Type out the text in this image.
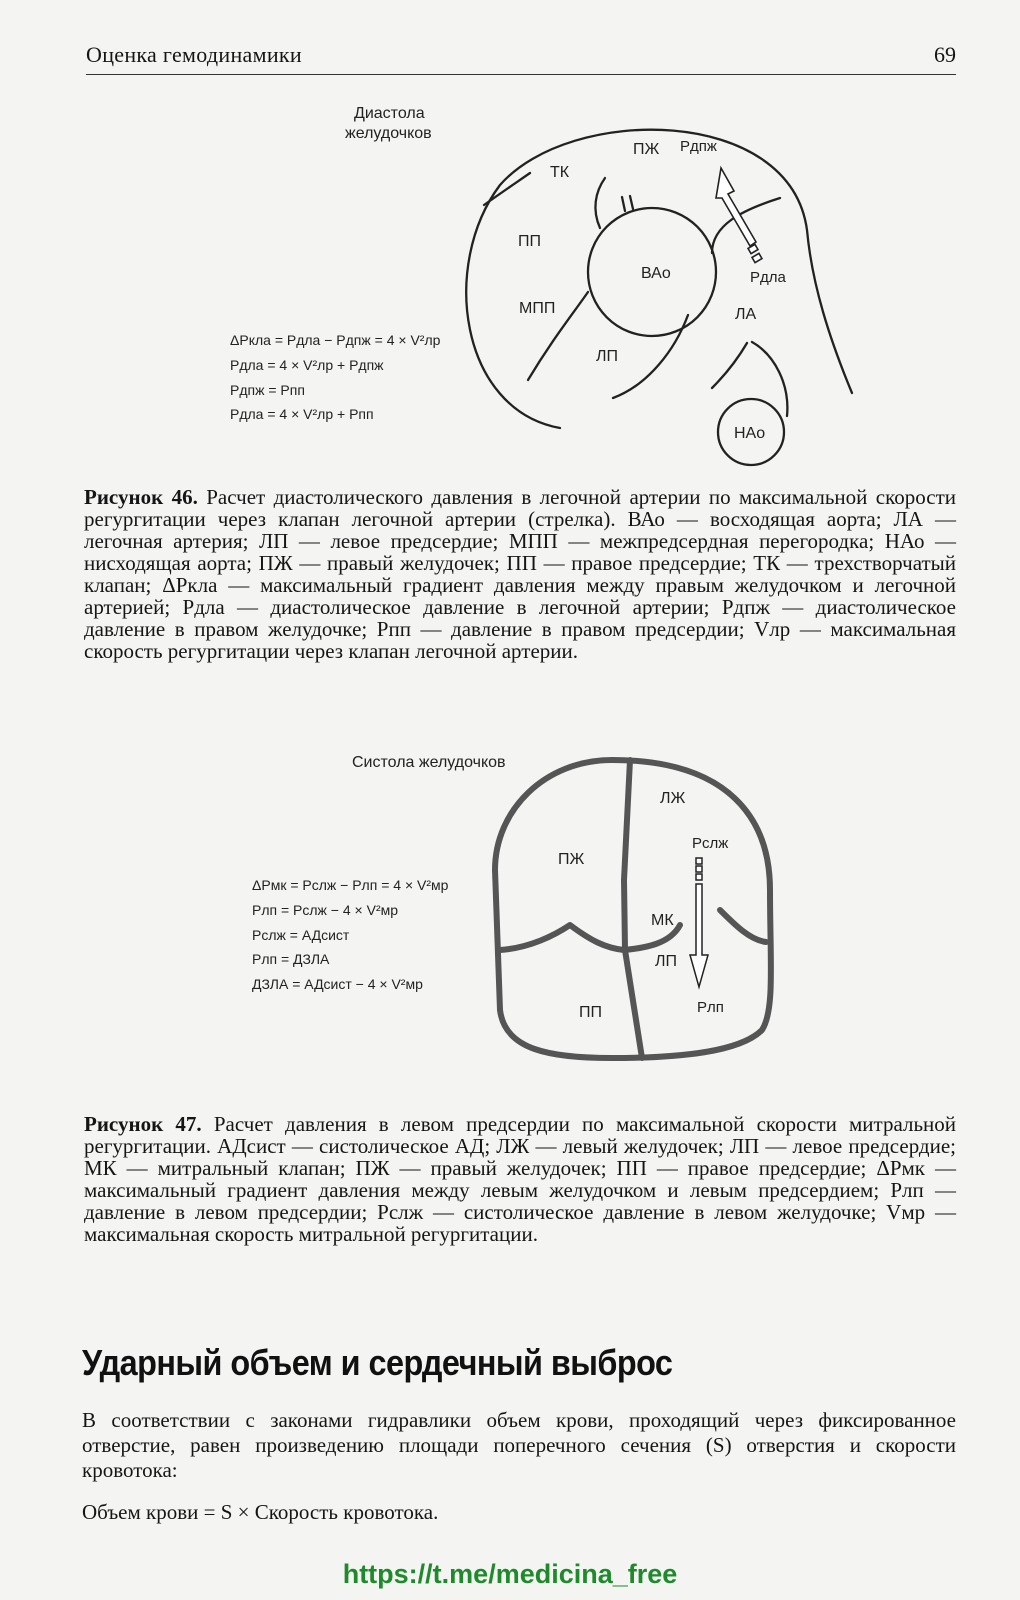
Оценка гемодинамики	69
Диастола
желудочков
ТК
ПЖ Pдпж
ПП
ВАо	Pдла
МПП	ЛА
ЛП
НАо
ΔPкла = Pдла − Pдпж = 4 × V²лр
Pдла = 4 × V²лр + Pдпж
Pдпж = Pпп
Pдла = 4 × V²лр + Pпп

Рисунок 46. Расчет диастолического давления в легочной артерии по максимальной скорости регургитации через клапан легочной артерии (стрелка). ВАо — восходящая аорта; ЛА — легочная артерия; ЛП — левое предсердие; МПП — межпредсердная перегородка; НАо — нисходящая аорта; ПЖ — правый желудочек; ПП — правое предсердие; ТК — трехстворчатый клапан; ΔPкла — максимальный градиент давления между правым желудочком и легочной артерией; Pдла — диастолическое давление в легочной артерии; Pдпж — диастолическое давление в правом желудочке; Pпп — давление в правом предсердии; Vлр — максимальная скорость регургитации через клапан легочной артерии.

Систола желудочков
ЛЖ
Pслж
ПЖ
МК
ЛП
Pлп
ПП
ΔPмк = Pслж − Pлп = 4 × V²мр
Pлп = Pслж − 4 × V²мр
Pслж = АДсист
Pлп = ДЗЛА
ДЗЛА = АДсист − 4 × V²мр

Рисунок 47. Расчет давления в левом предсердии по максимальной скорости митральной регургитации. АДсист — систолическое АД; ЛЖ — левый желудочек; ЛП — левое предсердие; МК — митральный клапан; ПЖ — правый желудочек; ПП — правое предсердие; ΔPмк — максимальный градиент давления между левым желудочком и левым предсердием; Pлп — давление в левом предсердии; Pслж — систолическое давление в левом желудочке; Vмр — максимальная скорость митральной регургитации.

Ударный объем и сердечный выброс

В соответствии с законами гидравлики объем крови, проходящий через фиксированное отверстие, равен произведению площади поперечного сечения (S) отверстия и скорости кровотока:

Объем крови = S × Скорость кровотока.

https://t.me/medicina_free
